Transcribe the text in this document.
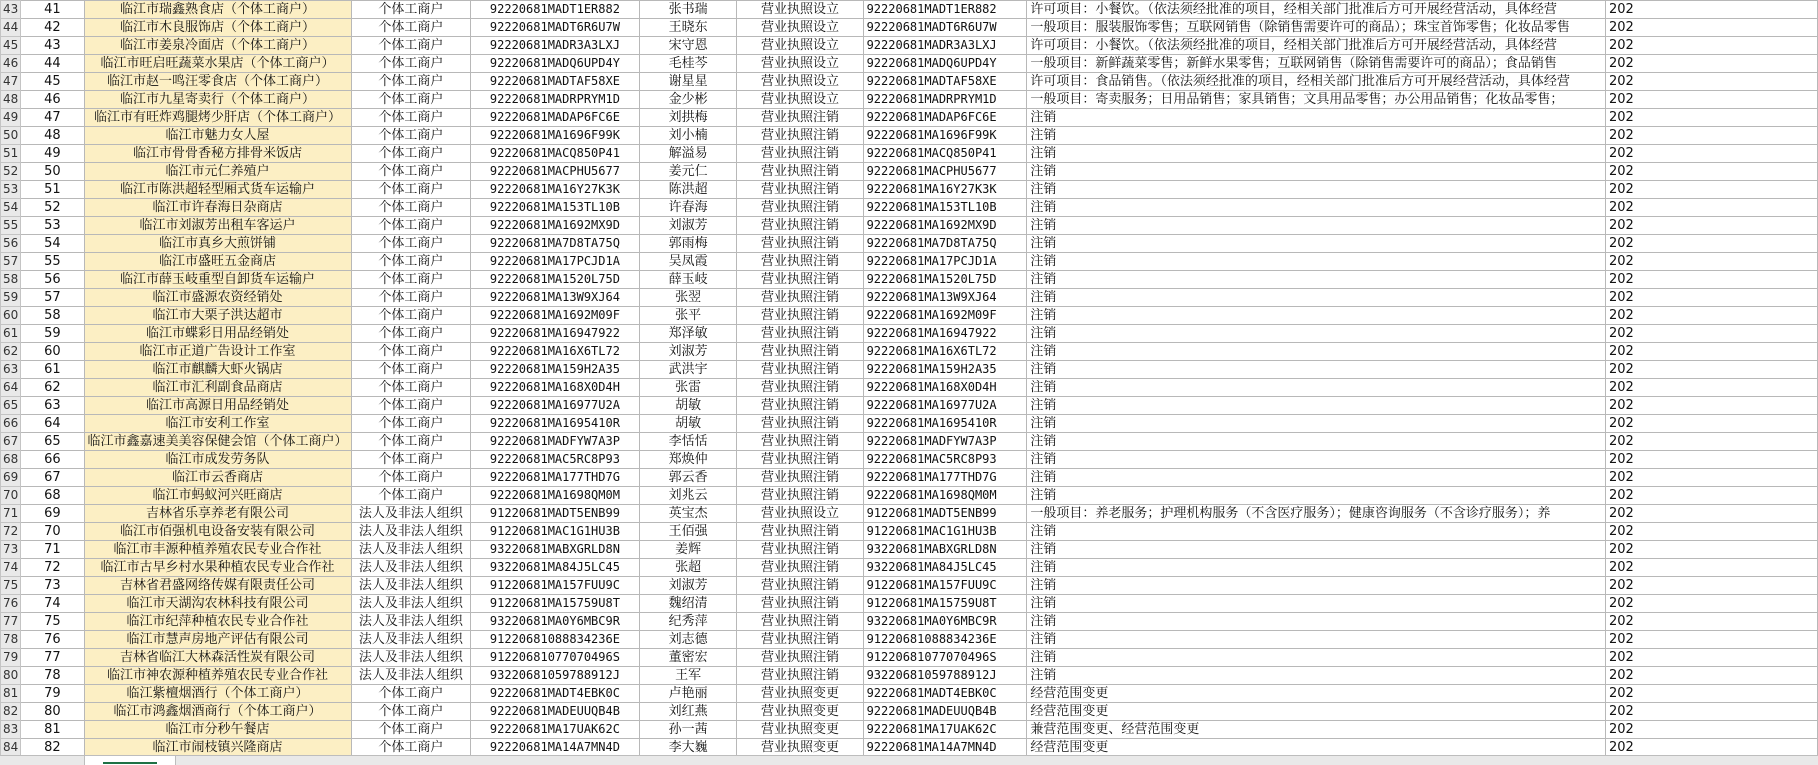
43	41	临江市瑞鑫熟食店（个体工商户）	个体工商户	92220681MADT1ER882	张书瑞	营业执照设立	92220681MADT1ER882	许可项目：小餐饮。（依法须经批准的项目，经相关部门批准后方可开展经营活动，具体经营	202
44	42	临江市木良服饰店（个体工商户）	个体工商户	92220681MADT6R6U7W	王晓东	营业执照设立	92220681MADT6R6U7W	一般项目：服装服饰零售；互联网销售（除销售需要许可的商品）；珠宝首饰零售；化妆品零售	202
45	43	临江市姜泉冷面店（个体工商户）	个体工商户	92220681MADR3A3LXJ	宋守恩	营业执照设立	92220681MADR3A3LXJ	许可项目：小餐饮。（依法须经批准的项目，经相关部门批准后方可开展经营活动，具体经营	202
46	44	临江市旺启旺蔬菜水果店（个体工商户）	个体工商户	92220681MADQ6UPD4Y	毛桂芩	营业执照设立	92220681MADQ6UPD4Y	一般项目：新鲜蔬菜零售；新鲜水果零售；互联网销售（除销售需要许可的商品）；食品销售	202
47	45	临江市赵一鸣汪零食店（个体工商户）	个体工商户	92220681MADTAF58XE	谢星星	营业执照设立	92220681MADTAF58XE	许可项目：食品销售。（依法须经批准的项目，经相关部门批准后方可开展经营活动，具体经营	202
48	46	临江市九星寄卖行（个体工商户）	个体工商户	92220681MADRPRYM1D	金少彬	营业执照设立	92220681MADRPRYM1D	一般项目：寄卖服务；日用品销售；家具销售；文具用品零售；办公用品销售；化妆品零售；	202
49	47	临江市有旺炸鸡腿烤少肝店（个体工商户）	个体工商户	92220681MADAP6FC6E	刘拱梅	营业执照注销	92220681MADAP6FC6E	注销	202
50	48	临江市魅力女人屋	个体工商户	92220681MA1696F99K	刘小楠	营业执照注销	92220681MA1696F99K	注销	202
51	49	临江市骨骨香秘方排骨米饭店	个体工商户	92220681MACQ850P41	解溢易	营业执照注销	92220681MACQ850P41	注销	202
52	50	临江市元仁养殖户	个体工商户	92220681MACPHU5677	姜元仁	营业执照注销	92220681MACPHU5677	注销	202
53	51	临江市陈洪超轻型厢式货车运输户	个体工商户	92220681MA16Y27K3K	陈洪超	营业执照注销	92220681MA16Y27K3K	注销	202
54	52	临江市许春海日杂商店	个体工商户	92220681MA153TL10B	许春海	营业执照注销	92220681MA153TL10B	注销	202
55	53	临江市刘淑芳出租车客运户	个体工商户	92220681MA1692MX9D	刘淑芳	营业执照注销	92220681MA1692MX9D	注销	202
56	54	临江市真乡大煎饼铺	个体工商户	92220681MA7D8TA75Q	郭雨梅	营业执照注销	92220681MA7D8TA75Q	注销	202
57	55	临江市盛旺五金商店	个体工商户	92220681MA17PCJD1A	吴凤霞	营业执照注销	92220681MA17PCJD1A	注销	202
58	56	临江市薛玉岐重型自卸货车运输户	个体工商户	92220681MA1520L75D	薛玉岐	营业执照注销	92220681MA1520L75D	注销	202
59	57	临江市盛源农资经销处	个体工商户	92220681MA13W9XJ64	张翌	营业执照注销	92220681MA13W9XJ64	注销	202
60	58	临江市大栗子洪达超市	个体工商户	92220681MA1692M09F	张平	营业执照注销	92220681MA1692M09F	注销	202
61	59	临江市蝶彩日用品经销处	个体工商户	92220681MA16947922	郑泽敏	营业执照注销	92220681MA16947922	注销	202
62	60	临江市正道广告设计工作室	个体工商户	92220681MA16X6TL72	刘淑芳	营业执照注销	92220681MA16X6TL72	注销	202
63	61	临江市麒麟大虾火锅店	个体工商户	92220681MA159H2A35	武洪宇	营业执照注销	92220681MA159H2A35	注销	202
64	62	临江市汇利副食品商店	个体工商户	92220681MA168X0D4H	张雷	营业执照注销	92220681MA168X0D4H	注销	202
65	63	临江市高源日用品经销处	个体工商户	92220681MA16977U2A	胡敏	营业执照注销	92220681MA16977U2A	注销	202
66	64	临江市安利工作室	个体工商户	92220681MA1695410R	胡敏	营业执照注销	92220681MA1695410R	注销	202
67	65	临江市鑫嘉速美美容保健会馆（个体工商户）	个体工商户	92220681MADFYW7A3P	李恬恬	营业执照注销	92220681MADFYW7A3P	注销	202
68	66	临江市成发劳务队	个体工商户	92220681MAC5RC8P93	郑焕仲	营业执照注销	92220681MAC5RC8P93	注销	202
69	67	临江市云香商店	个体工商户	92220681MA177THD7G	郭云香	营业执照注销	92220681MA177THD7G	注销	202
70	68	临江市蚂蚁河兴旺商店	个体工商户	92220681MA1698QM0M	刘兆云	营业执照注销	92220681MA1698QM0M	注销	202
71	69	吉林省乐享养老有限公司	法人及非法人组织	91220681MADT5ENB99	英宝杰	营业执照设立	91220681MADT5ENB99	一般项目：养老服务；护理机构服务（不含医疗服务）；健康咨询服务（不含诊疗服务）；养	202
72	70	临江市佰强机电设备安装有限公司	法人及非法人组织	91220681MAC1G1HU3B	王佰强	营业执照注销	91220681MAC1G1HU3B	注销	202
73	71	临江市丰源种植养殖农民专业合作社	法人及非法人组织	93220681MABXGRLD8N	姜辉	营业执照注销	93220681MABXGRLD8N	注销	202
74	72	临江市古早乡村水果种植农民专业合作社	法人及非法人组织	93220681MA84J5LC45	张超	营业执照注销	93220681MA84J5LC45	注销	202
75	73	吉林省君盛网络传媒有限责任公司	法人及非法人组织	91220681MA157FUU9C	刘淑芳	营业执照注销	91220681MA157FUU9C	注销	202
76	74	临江市天湖沟农林科技有限公司	法人及非法人组织	91220681MA15759U8T	魏绍清	营业执照注销	91220681MA15759U8T	注销	202
77	75	临江市纪萍种植农民专业合作社	法人及非法人组织	93220681MA0Y6MBC9R	纪秀萍	营业执照注销	93220681MA0Y6MBC9R	注销	202
78	76	临江市慧声房地产评估有限公司	法人及非法人组织	91220681088834236E	刘志德	营业执照注销	91220681088834236E	注销	202
79	77	吉林省临江大林森活性炭有限公司	法人及非法人组织	91220681077070496S	董密宏	营业执照注销	91220681077070496S	注销	202
80	78	临江市神农源种植养殖农民专业合作社	法人及非法人组织	93220681059788912J	王军	营业执照注销	93220681059788912J	注销	202
81	79	临江紫檀烟酒行（个体工商户）	个体工商户	92220681MADT4EBK0C	卢艳丽	营业执照变更	92220681MADT4EBK0C	经营范围变更	202
82	80	临江市鸿鑫烟酒商行（个体工商户）	个体工商户	92220681MADEUUQB4B	刘红燕	营业执照变更	92220681MADEUUQB4B	经营范围变更	202
83	81	临江市分秒午餐店	个体工商户	92220681MA17UAK62C	孙一茜	营业执照变更	92220681MA17UAK62C	兼营范围变更、经营范围变更	202
84	82	临江市闹枝镇兴隆商店	个体工商户	92220681MA14A7MN4D	李大巍	营业执照变更	92220681MA14A7MN4D	经营范围变更	202
